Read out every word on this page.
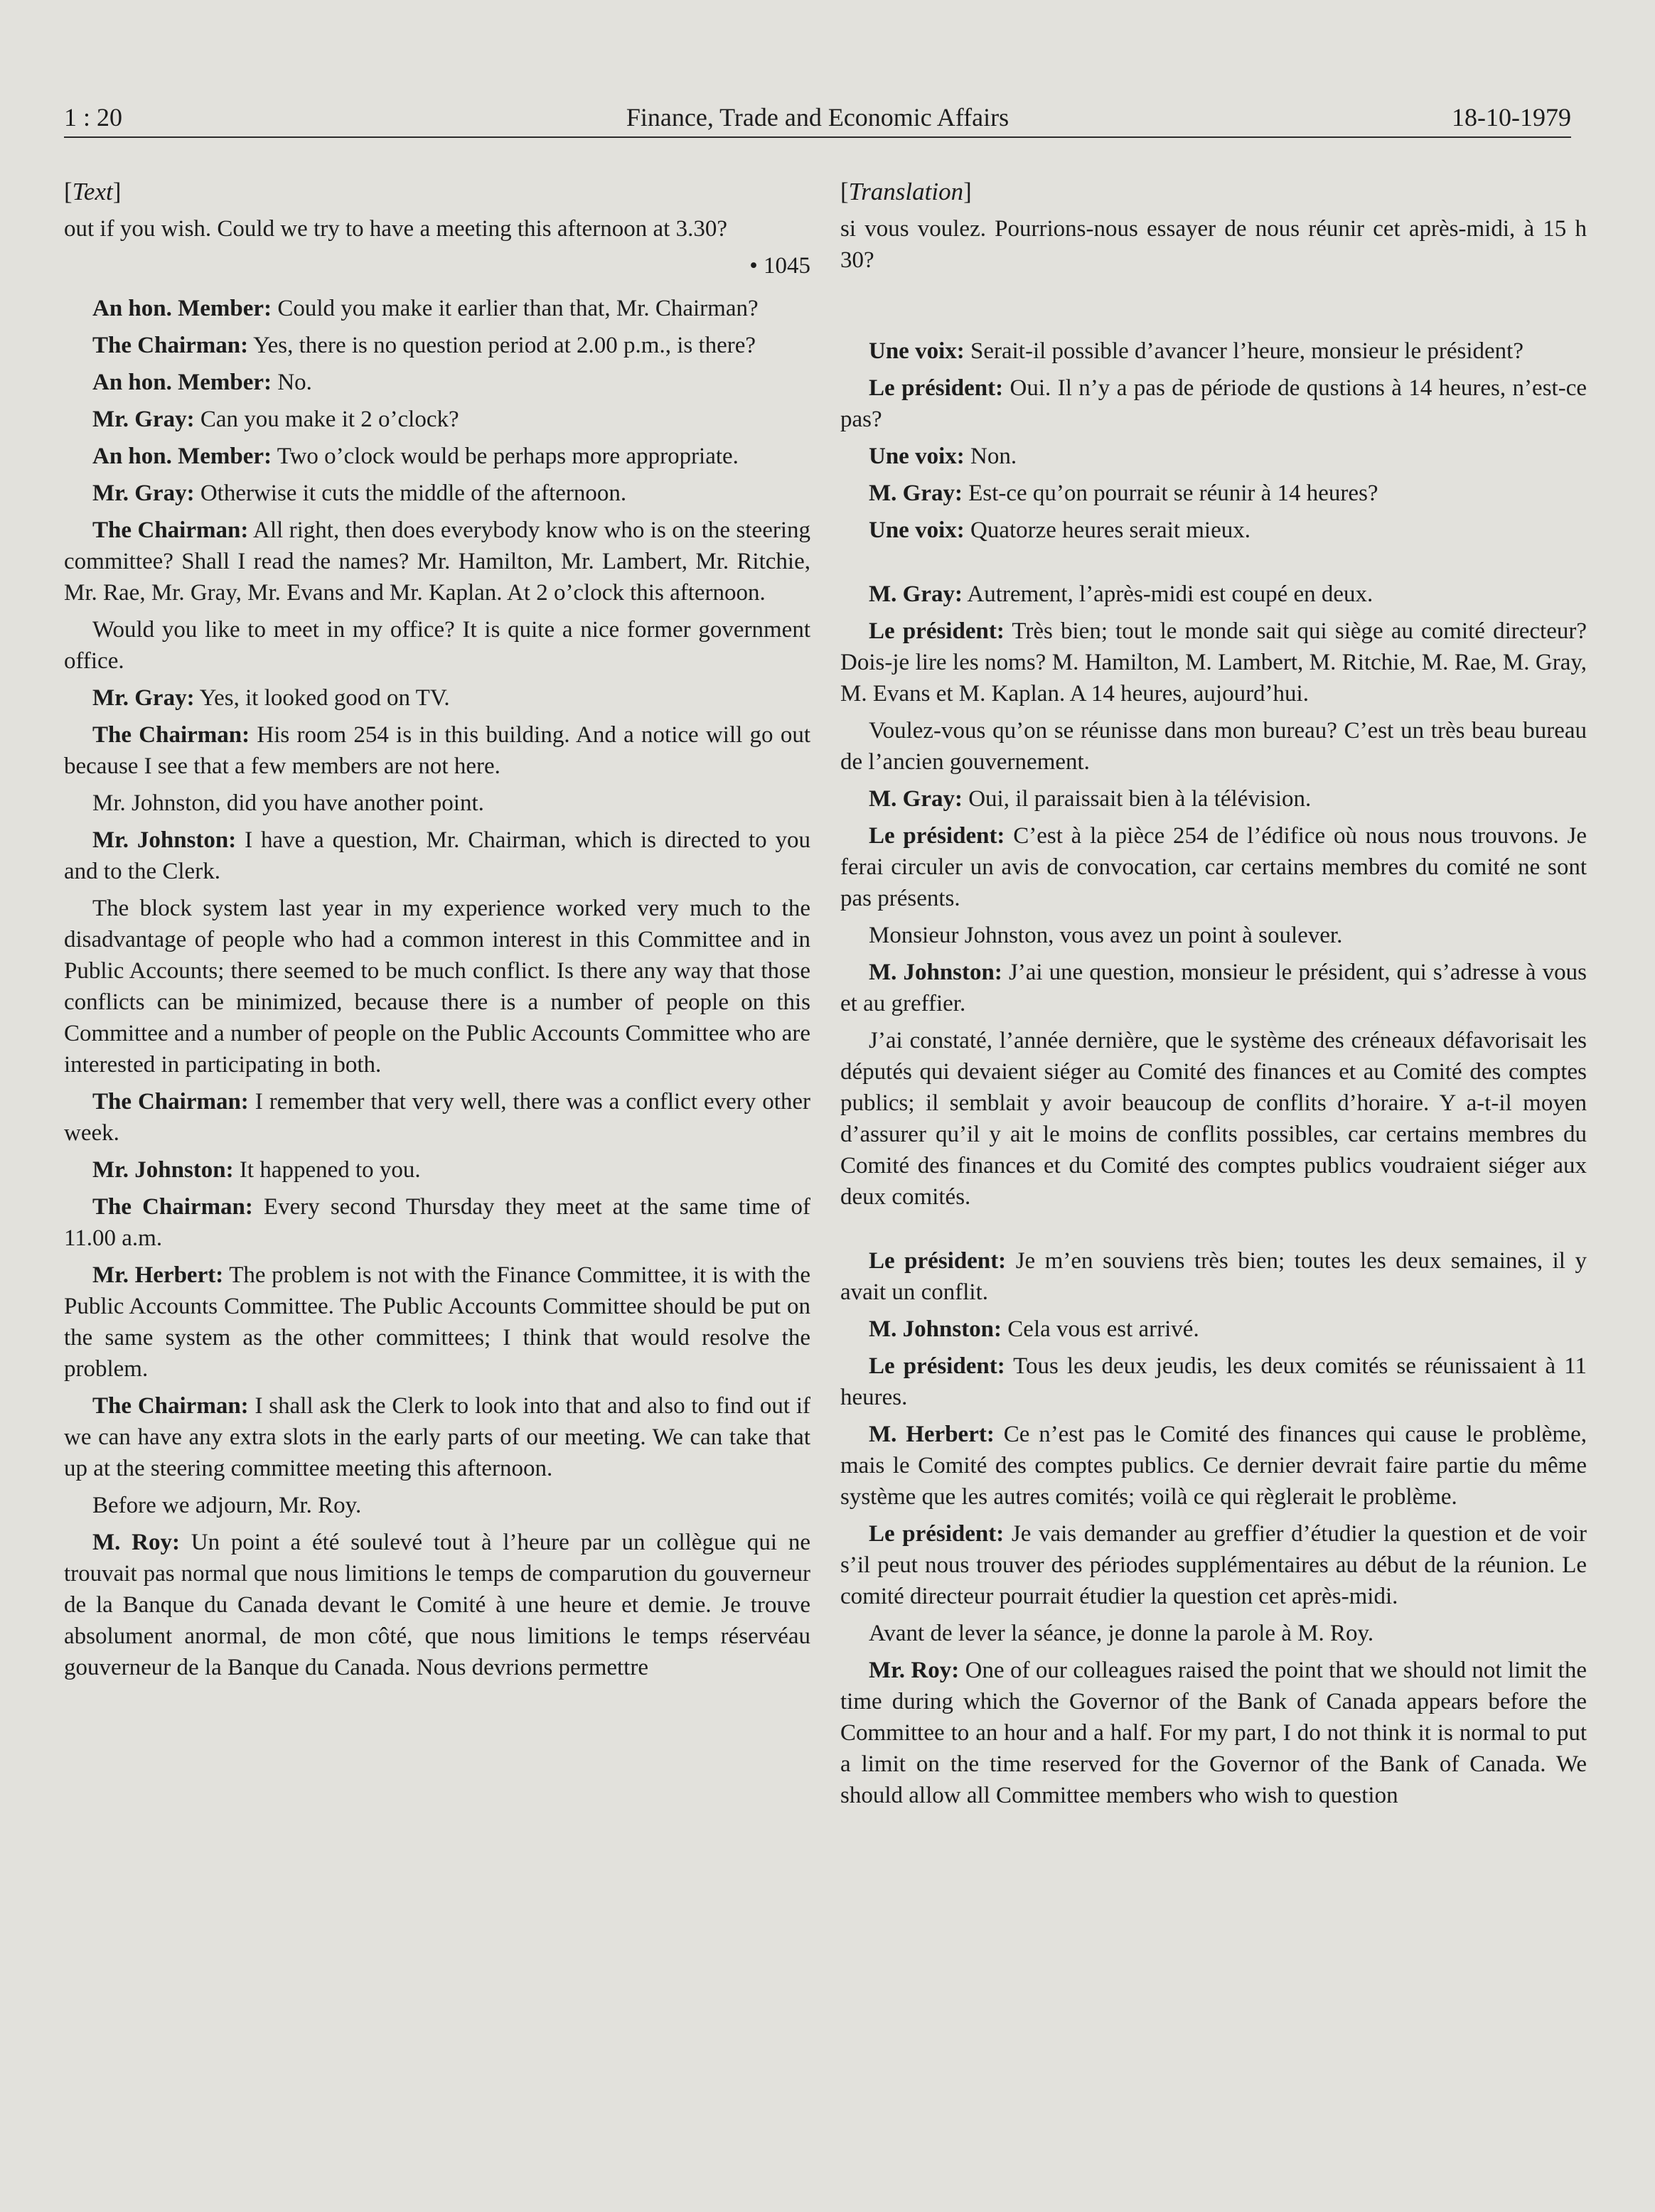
1 : 20	Finance, Trade and Economic Affairs	18-10-1979

[Text]

out if you wish. Could we try to have a meeting this afternoon at 3.30?

• 1045

An hon. Member: Could you make it earlier than that, Mr. Chairman?

The Chairman: Yes, there is no question period at 2.00 p.m., is there?

An hon. Member: No.

Mr. Gray: Can you make it 2 o’clock?

An hon. Member: Two o’clock would be perhaps more appropriate.

Mr. Gray: Otherwise it cuts the middle of the afternoon.

The Chairman: All right, then does everybody know who is on the steering committee? Shall I read the names? Mr. Hamilton, Mr. Lambert, Mr. Ritchie, Mr. Rae, Mr. Gray, Mr. Evans and Mr. Kaplan. At 2 o’clock this afternoon.

Would you like to meet in my office? It is quite a nice former government office.

Mr. Gray: Yes, it looked good on TV.

The Chairman: His room 254 is in this building. And a notice will go out because I see that a few members are not here.

Mr. Johnston, did you have another point.

Mr. Johnston: I have a question, Mr. Chairman, which is directed to you and to the Clerk.

The block system last year in my experience worked very much to the disadvantage of people who had a common interest in this Committee and in Public Accounts; there seemed to be much conflict. Is there any way that those conflicts can be minimized, because there is a number of people on this Committee and a number of people on the Public Accounts Committee who are interested in participating in both.

The Chairman: I remember that very well, there was a conflict every other week.

Mr. Johnston: It happened to you.

The Chairman: Every second Thursday they meet at the same time of 11.00 a.m.

Mr. Herbert: The problem is not with the Finance Committee, it is with the Public Accounts Committee. The Public Accounts Committee should be put on the same system as the other committees; I think that would resolve the problem.

The Chairman: I shall ask the Clerk to look into that and also to find out if we can have any extra slots in the early parts of our meeting. We can take that up at the steering committee meeting this afternoon.

Before we adjourn, Mr. Roy.

M. Roy: Un point a été soulevé tout à l’heure par un collègue qui ne trouvait pas normal que nous limitions le temps de comparution du gouverneur de la Banque du Canada devant le Comité à une heure et demie. Je trouve absolument anormal, de mon côté, que nous limitions le temps réservéau gouverneur de la Banque du Canada. Nous devrions permettre

[Translation]

si vous voulez. Pourrions-nous essayer de nous réunir cet après-midi, à 15 h 30?

Une voix: Serait-il possible d’avancer l’heure, monsieur le président?

Le président: Oui. Il n’y a pas de période de qustions à 14 heures, n’est-ce pas?

Une voix: Non.

M. Gray: Est-ce qu’on pourrait se réunir à 14 heures?

Une voix: Quatorze heures serait mieux.

M. Gray: Autrement, l’après-midi est coupé en deux.

Le président: Très bien; tout le monde sait qui siège au comité directeur? Dois-je lire les noms? M. Hamilton, M. Lambert, M. Ritchie, M. Rae, M. Gray, M. Evans et M. Kaplan. A 14 heures, aujourd’hui.

Voulez-vous qu’on se réunisse dans mon bureau? C’est un très beau bureau de l’ancien gouvernement.

M. Gray: Oui, il paraissait bien à la télévision.

Le président: C’est à la pièce 254 de l’édifice où nous nous trouvons. Je ferai circuler un avis de convocation, car certains membres du comité ne sont pas présents.

Monsieur Johnston, vous avez un point à soulever.

M. Johnston: J’ai une question, monsieur le président, qui s’adresse à vous et au greffier.

J’ai constaté, l’année dernière, que le système des créneaux défavorisait les députés qui devaient siéger au Comité des finances et au Comité des comptes publics; il semblait y avoir beaucoup de conflits d’horaire. Y a-t-il moyen d’assurer qu’il y ait le moins de conflits possibles, car certains membres du Comité des finances et du Comité des comptes publics voudraient siéger aux deux comités.

Le président: Je m’en souviens très bien; toutes les deux semaines, il y avait un conflit.

M. Johnston: Cela vous est arrivé.

Le président: Tous les deux jeudis, les deux comités se réunissaient à 11 heures.

M. Herbert: Ce n’est pas le Comité des finances qui cause le problème, mais le Comité des comptes publics. Ce dernier devrait faire partie du même système que les autres comités; voilà ce qui règlerait le problème.

Le président: Je vais demander au greffier d’étudier la question et de voir s’il peut nous trouver des périodes supplémentaires au début de la réunion. Le comité directeur pourrait étudier la question cet après-midi.

Avant de lever la séance, je donne la parole à M. Roy.

Mr. Roy: One of our colleagues raised the point that we should not limit the time during which the Governor of the Bank of Canada appears before the Committee to an hour and a half. For my part, I do not think it is normal to put a limit on the time reserved for the Governor of the Bank of Canada. We should allow all Committee members who wish to question
